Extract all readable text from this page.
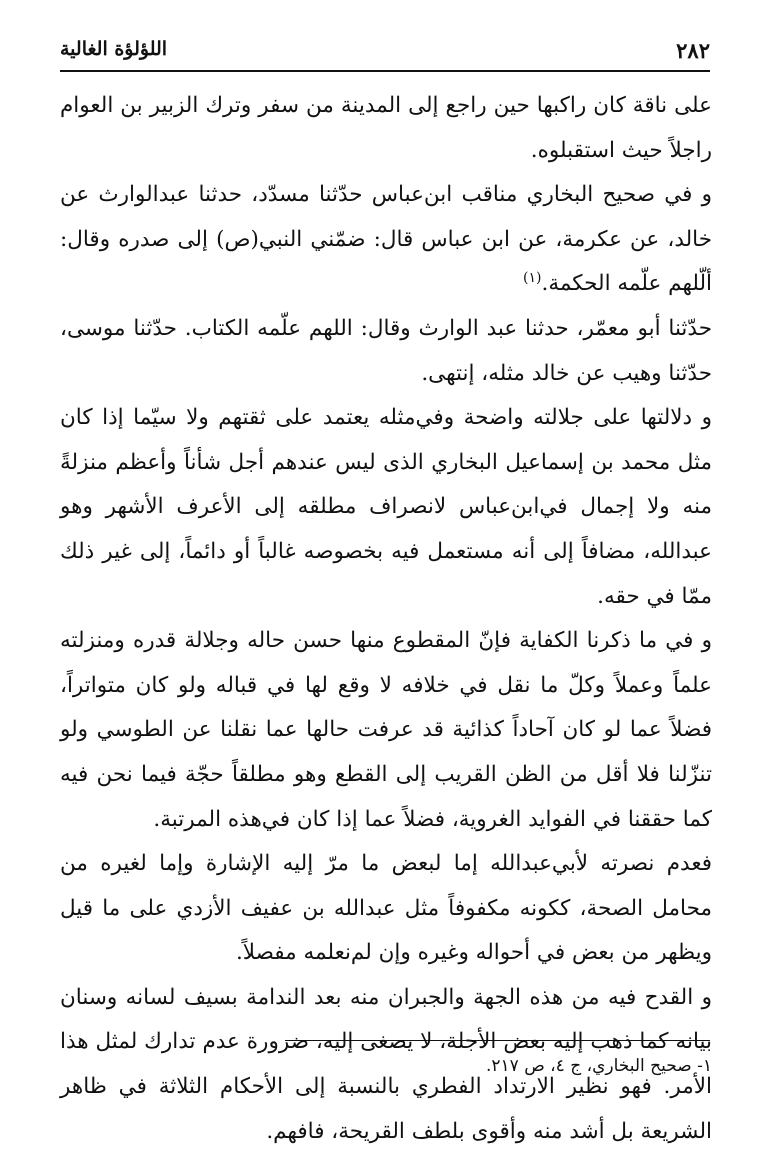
٢٨٢
اللؤلؤة الغالية

على ناقة كان راكبها حين راجع إلى المدينة من سفر وترك الزبير بن العوام راجلاً حيث استقبلوه.

و في صحيح البخاري مناقب ابن‌عباس حدّثنا مسدّد، حدثنا عبدالوارث عن خالد، عن عكرمة، عن ابن عباس قال: ضمّني النبي(ص) إلى صدره وقال: ألّلهم علّمه الحكمة.$^{(١)}$

حدّثنا أبو معمّر، حدثنا عبد الوارث وقال: اللهم علّمه الكتاب. حدّثنا موسى، حدّثنا وهيب عن خالد مثله، إنتهى.

و دلالتها على جلالته واضحة وفي‌مثله يعتمد على ثقتهم ولا سيّما إذا كان مثل محمد بن إسماعيل البخاري الذى ليس عندهم أجل شأناً وأعظم منزلةً منه ولا إجمال في‌ابن‌عباس لانصراف مطلقه إلى الأعرف الأشهر وهو عبدالله، مضافاً إلى أنه مستعمل فيه بخصوصه غالباً أو دائماً، إلى غير ذلك ممّا في حقه.

و في ما ذكرنا الكفاية فإنّ المقطوع منها حسن حاله وجلالة قدره ومنزلته علماً وعملاً وكلّ ما نقل في خلافه لا وقع لها في قباله ولو كان متواتراً، فضلاً عما لو كان آحاداً كذائية قد عرفت حالها عما نقلنا عن الطوسي ولو تنزّلنا فلا أقل من الظن القريب إلى القطع وهو مطلقاً حجّة فيما نحن فيه كما حققنا في الفوايد الغروية، فضلاً عما إذا كان في‌هذه المرتبة.

فعدم نصرته لأبي‌عبدالله إما لبعض ما مرّ إليه الإشارة وإما لغيره من محامل الصحة، ككونه مكفوفاً مثل عبدالله بن عفيف الأزدي على ما قيل ويظهر من بعض في أحواله وغيره وإن لم‌نعلمه مفصلاً.

و القدح فيه من هذه الجهة والجبران منه بعد الندامة بسيف لسانه وسنان بيانه كما ذهب إليه بعض الأجلة، لا يصغى إليه، ضرورة عدم تدارك لمثل هذا الأمر. فهو نظير الارتداد الفطري بالنسبة إلى الأحكام الثلاثة في ظاهر الشريعة بل أشد منه وأقوى بلطف القريحة، فافهم.

١- صحيح البخاري، ج ٤، ص ٢١٧.
